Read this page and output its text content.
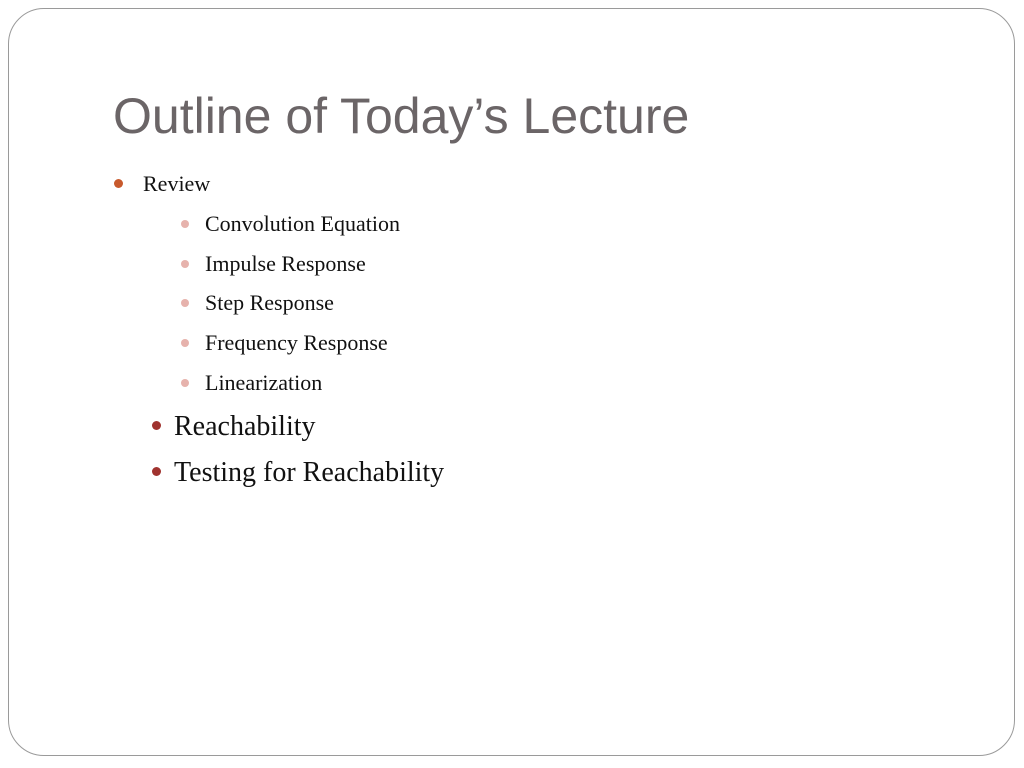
Outline of Today’s Lecture
Review
Convolution Equation
Impulse Response
Step Response
Frequency Response
Linearization
Reachability
Testing for Reachability
